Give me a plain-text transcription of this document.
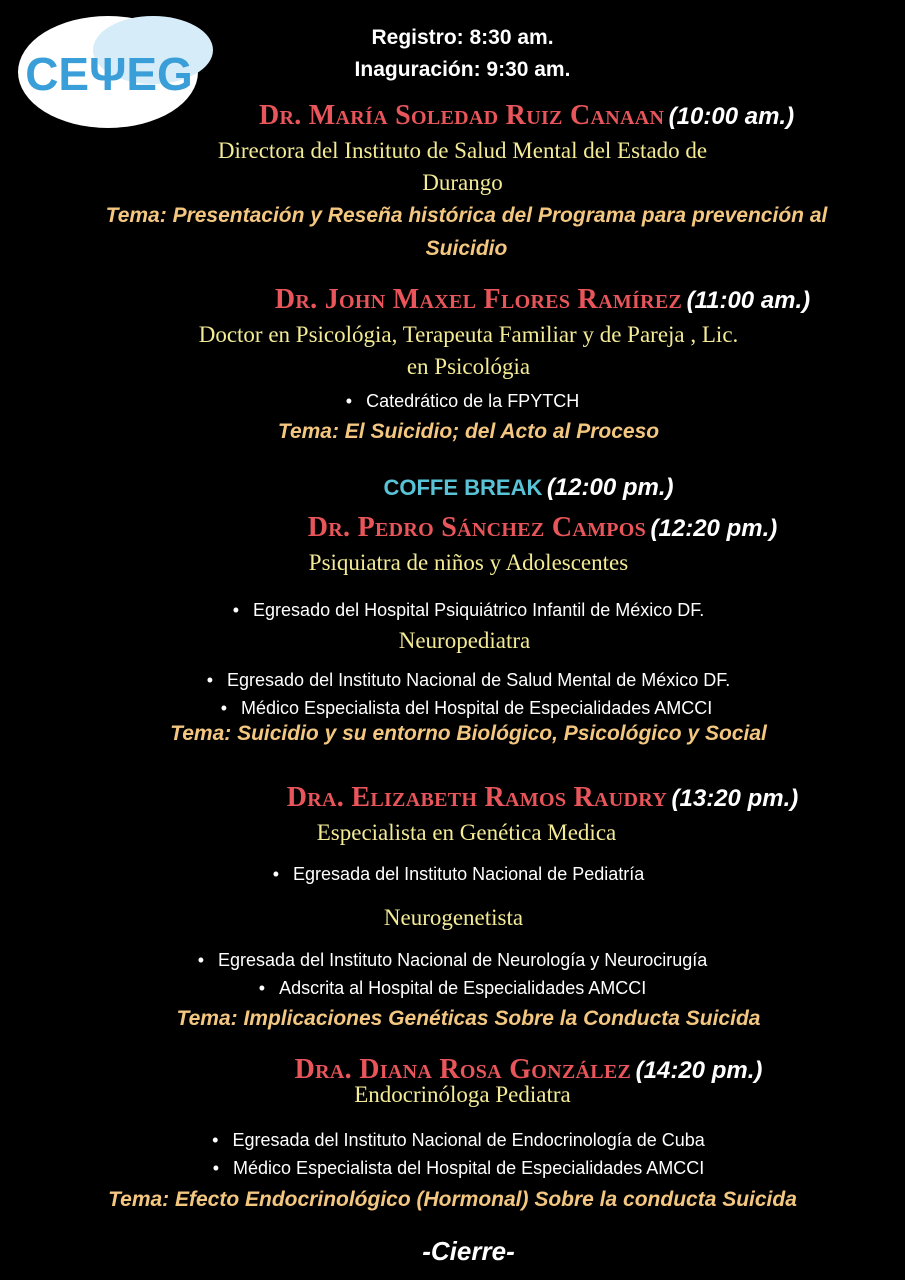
CEΨEG
Registro: 8:30 am.
Inaguración: 9:30 am.
Dr. María Soledad Ruiz Canaan (10:00 am.)
Directora del Instituto de Salud Mental del Estado de
Durango
Tema: Presentación y Reseña histórica del Programa para prevención al
Suicidio
Dr. John Maxel Flores Ramírez (11:00 am.)
Doctor en Psicológia, Terapeuta Familiar y de Pareja , Lic.
en Psicológia
• Catedrático de la FPYTCH
Tema: El Suicidio; del Acto al Proceso
COFFE BREAK (12:00 pm.)
Dr. Pedro Sánchez Campos (12:20 pm.)
Psiquiatra de niños y Adolescentes
• Egresado del Hospital Psiquiátrico Infantil de México DF.
Neuropediatra
• Egresado del Instituto Nacional de Salud Mental de México DF.
• Médico Especialista del Hospital de Especialidades AMCCI
Tema: Suicidio y su entorno Biológico, Psicológico y Social
Dra. Elizabeth Ramos Raudry (13:20 pm.)
Especialista en Genética Medica
• Egresada del Instituto Nacional de Pediatría
Neurogenetista
• Egresada del Instituto Nacional de Neurología y Neurocirugía
• Adscrita al Hospital de Especialidades AMCCI
Tema: Implicaciones Genéticas Sobre la Conducta Suicida
Dra. Diana Rosa González (14:20 pm.)
Endocrinóloga Pediatra
• Egresada del Instituto Nacional de Endocrinología de Cuba
• Médico Especialista del Hospital de Especialidades AMCCI
Tema: Efecto Endocrinológico (Hormonal) Sobre la conducta Suicida
-Cierre-
